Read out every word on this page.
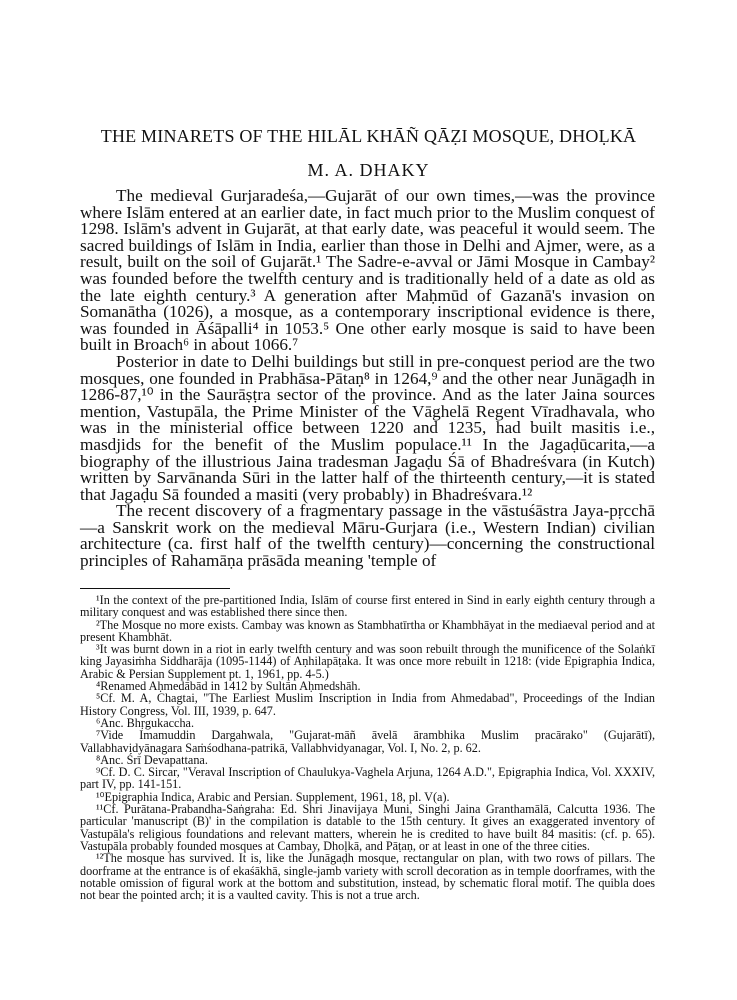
THE MINARETS OF THE HILĀL KHĀÑ QĀẒI MOSQUE, DHOḶKĀ
M. A. DHAKY

The medieval Gurjaradeśa,—Gujarāt of our own times,—was the province where Islām entered at an earlier date, in fact much prior to the Muslim conquest of 1298. Islām's advent in Gujarāt, at that early date, was peaceful it would seem. The sacred buildings of Islām in India, earlier than those in Delhi and Ajmer, were, as a result, built on the soil of Gujarāt.¹ The Sadre-e-avval or Jāmi Mosque in Cambay² was founded before the twelfth century and is traditionally held of a date as old as the late eighth century.³ A generation after Maḥmūd of Gazanā's invasion on Somanātha (1026), a mosque, as a contemporary inscriptional evidence is there, was founded in Āśāpalli⁴ in 1053.⁵ One other early mosque is said to have been built in Broach⁶ in about 1066.⁷

Posterior in date to Delhi buildings but still in pre-conquest period are the two mosques, one founded in Prabhāsa-Pātaṇ⁸ in 1264,⁹ and the other near Junāgaḍh in 1286-87,¹⁰ in the Saurāṣṭra sector of the province. And as the later Jaina sources mention, Vastupāla, the Prime Minister of the Vāghelā Regent Vīradhavala, who was in the ministerial office between 1220 and 1235, had built masitis i.e., masdjids for the benefit of the Muslim populace.¹¹ In the Jagaḍūcarita,—a biography of the illustrious Jaina tradesman Jagaḍu Śā of Bhadreśvara (in Kutch) written by Sarvānanda Sūri in the latter half of the thirteenth century,—it is stated that Jagaḍu Sā founded a masiti (very probably) in Bhadreśvara.¹²

The recent discovery of a fragmentary passage in the vāstuśāstra Jaya-pṛcchā—a Sanskrit work on the medieval Māru-Gurjara (i.e., Western Indian) civilian architecture (ca. first half of the twelfth century)—concerning the constructional principles of Rahamāṇa prāsāda meaning 'temple of

¹In the context of the pre-partitioned India, Islām of course first entered in Sind in early eighth century through a military conquest and was established there since then.

²The Mosque no more exists. Cambay was known as Stambhatīrtha or Khambhāyat in the mediaeval period and at present Khambhāt.

³It was burnt down in a riot in early twelfth century and was soon rebuilt through the munificence of the Solaṅkī king Jayasiṁha Siddharāja (1095-1144) of Aṇhilapāṭaka. It was once more rebuilt in 1218: (vide Epigraphia Indica, Arabic & Persian Supplement pt. 1, 1961, pp. 4-5.)

⁴Renamed Aḥmedābād in 1412 by Sultān Aḥmedshāh.

⁵Cf. M. A, Chagtai, "The Earliest Muslim Inscription in India from Ahmedabad", Proceedings of the Indian History Congress, Vol. III, 1939, p. 647.

⁶Anc. Bhṛgukaccha.

⁷Vide Imamuddin Dargahwala, "Gujarat-māñ āvelā ārambhika Muslim pracārako" (Gujarātī), Vallabhavidyānagara Saṁśodhana-patrikā, Vallabhvidyanagar, Vol. I, No. 2, p. 62.

⁸Anc. Śrī Devapattana.

⁹Cf. D. C. Sircar, "Veraval Inscription of Chaulukya-Vaghela Arjuna, 1264 A.D.", Epigraphia Indica, Vol. XXXIV, part IV, pp. 141-151.

¹⁰Epigraphia Indica, Arabic and Persian. Supplement, 1961, 18, pl. V(a).

¹¹Cf. Purātana-Prabandha-Saṅgraha: Ed. Shri Jinavijaya Muni, Singhi Jaina Granthamālā, Calcutta 1936. The particular 'manuscript (B)' in the compilation is datable to the 15th century. It gives an exaggerated inventory of Vastupāla's religious foundations and relevant matters, wherein he is credited to have built 84 masitis: (cf. p. 65). Vastupāla probably founded mosques at Cambay, Dhoḷkā, and Pāṭaṇ, or at least in one of the three cities.

¹²The mosque has survived. It is, like the Junāgaḍh mosque, rectangular on plan, with two rows of pillars. The doorframe at the entrance is of ekaśākhā, single-jamb variety with scroll decoration as in temple doorframes, with the notable omission of figural work at the bottom and substitution, instead, by schematic floral motif. The quibla does not bear the pointed arch; it is a vaulted cavity. This is not a true arch.
